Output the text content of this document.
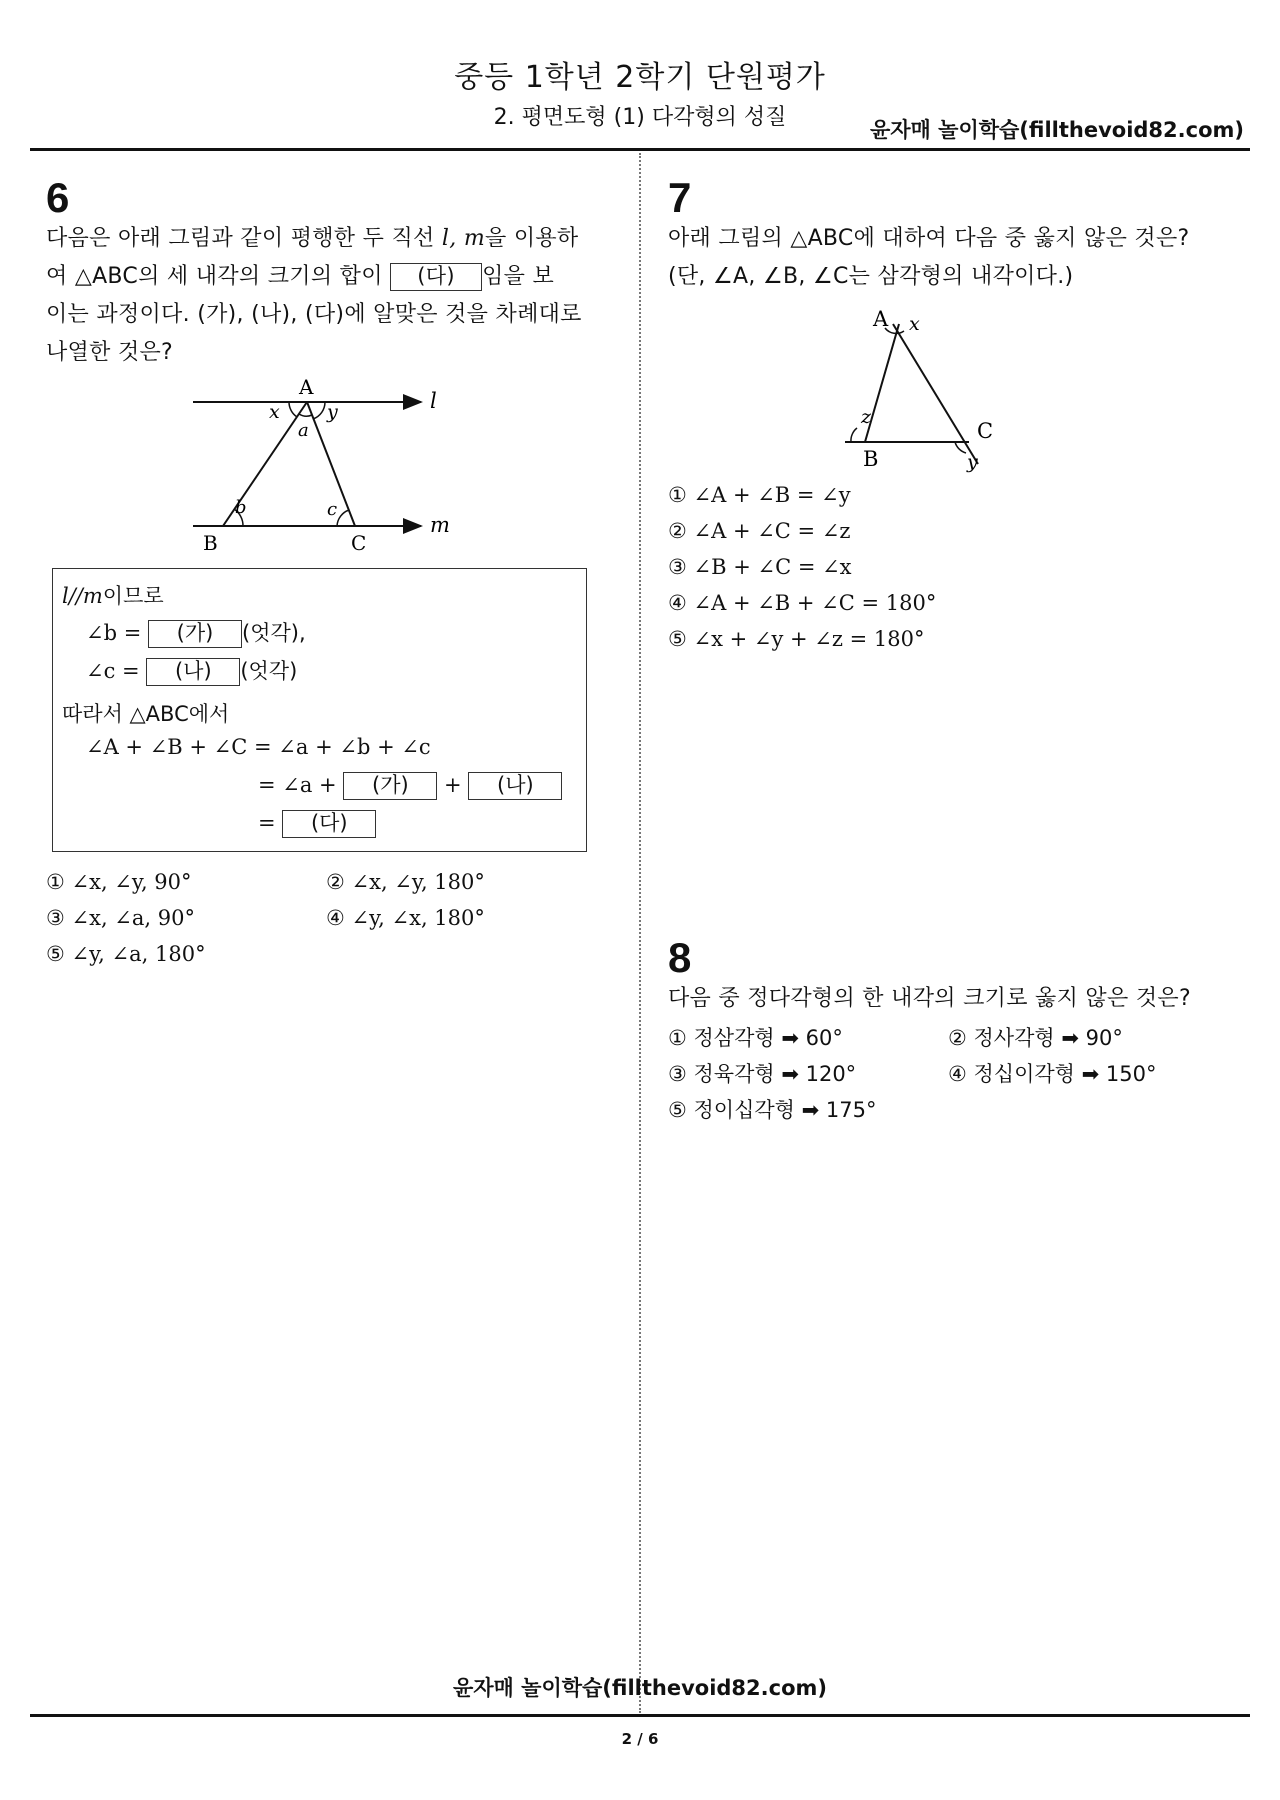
중등 1학년 2학기 단원평가
2. 평면도형 (1) 다각형의 성질	윤자매 놀이학습(fillthevoid82.com)
6
다음은 아래 그림과 같이 평행한 두 직선 l, m을 이용하
여 △ABC의 세 내각의 크기의 합이 (다) 임을 보
이는 과정이다. (가), (나), (다)에 알맞은 것을 차례대로
나열한 것은?
A
x y
a
b	c
B	C
l
m
l//m이므로
∠b = (가) (엇각),
∠c = (나) (엇각)
따라서 △ABC에서
∠A + ∠B + ∠C = ∠a + ∠b + ∠c
= ∠a + (가) + (나)
= (다)
① ∠x, ∠y, 90°	② ∠x, ∠y, 180°
③ ∠x, ∠a, 90°	④ ∠y, ∠x, 180°
⑤ ∠y, ∠a, 180°
7
아래 그림의 △ABC에 대하여 다음 중 옳지 않은 것은?
(단, ∠A, ∠B, ∠C는 삼각형의 내각이다.)
A x
B
C
z
y
① ∠A + ∠B = ∠y
② ∠A + ∠C = ∠z
③ ∠B + ∠C = ∠x
④ ∠A + ∠B + ∠C = 180°
⑤ ∠x + ∠y + ∠z = 180°
8
다음 중 정다각형의 한 내각의 크기로 옳지 않은 것은?
① 정삼각형 ➡ 60°	② 정사각형 ➡ 90°
③ 정육각형 ➡ 120°	④ 정십이각형 ➡ 150°
⑤ 정이십각형 ➡ 175°
윤자매 놀이학습(fillthevoid82.com)
2 / 6
